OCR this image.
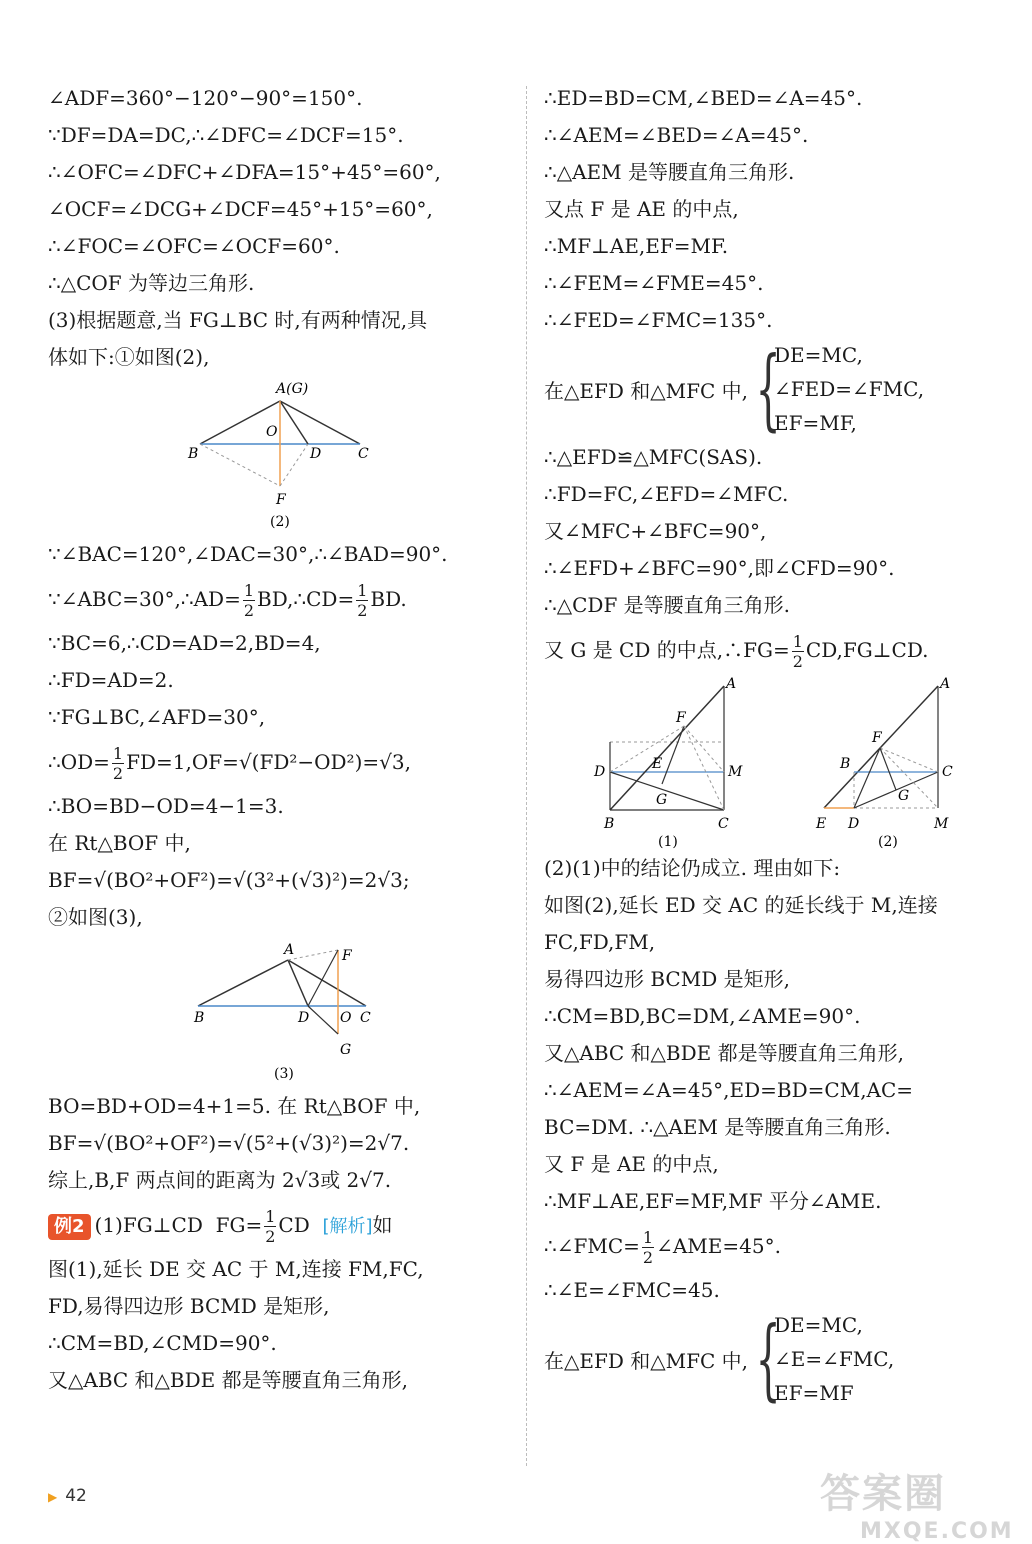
∠ADF=360°−120°−90°=150°.
∵DF=DA=DC,∴∠DFC=∠DCF=15°.
∴∠OFC=∠DFC+∠DFA=15°+45°=60°,
∠OCF=∠DCG+∠DCF=45°+15°=60°,
∴∠FOC=∠OFC=∠OCF=60°.
∴△COF 为等边三角形.
(3)根据题意,当 FG⊥BC 时,有两种情况,具
体如下:①如图(2),
A(G)
O
B	D	C
F
(2)
∵∠BAC=120°,∠DAC=30°,∴∠BAD=90°.
∵∠ABC=30°,∴AD= $\frac{1}{2}$ BD,∴CD= $\frac{1}{2}$ BD.
∵BC=6,∴CD=AD=2,BD=4,
∴FD=AD=2.
∵FG⊥BC,∠AFD=30°,
∴OD= $\frac{1}{2} FD=1,OF=√(FD^2-OD^2)=√3$,
∴BO=BD−OD=4−1=3.
在 Rt△BOF 中,
BF=√(BO²+OF²)=√(3²+(√3)²)=2√3;
②如图(3),
A	F
B	D O C
G
(3)
BO=BD+OD=4+1=5. 在 Rt△BOF 中,
BF=√(BO²+OF²)=√(5²+(√3)²)=2√7.
综上,B,F 两点间的距离为 2√3或 2√7.
例2 (1)FG⊥CD $FG= \frac{1}{2}$ CD [解析]如
图(1),延长 DE 交 AC 于 M,连接 FM,FC,
FD,易得四边形 BCMD 是矩形,
∴CM=BD,∠CMD=90°.
又△ABC 和△BDE 都是等腰直角三角形,
∴ED=BD=CM,∠BED=∠A=45°.
∴∠AEM=∠BED=∠A=45°.
∴△AEM 是等腰直角三角形.
又点 F 是 AE 的中点,
∴MF⊥AE,EF=MF.
∴∠FEM=∠FME=45°.
∴∠FED=∠FMC=135°.
在△EFD 和△MFC 中, {
DE=MC,
∠FED=∠FMC,
EF=MF,
∴△EFD≌△MFC(SAS).
∴FD=FC,∠EFD=∠MFC.
又∠MFC+∠BFC=90°,
∴∠EFD+∠BFC=90°,即∠CFD=90°.
∴△CDF 是等腰直角三角形.
又 G 是 CD 的中点,∴FG= $\frac{1}{2}$ CD,FG⊥CD.
A
F
D	E	M
G
B	C
(1)
A
F
B	C
G
E D	M
(2)
(2)(1)中的结论仍成立. 理由如下:
如图(2),延长 ED 交 AC 的延长线于 M,连接
FC,FD,FM,
易得四边形 BCMD 是矩形,
∴CM=BD,BC=DM,∠AME=90°.
又△ABC 和△BDE 都是等腰直角三角形,
∴∠AEM=∠A=45°,ED=BD=CM,AC=
BC=DM. ∴△AEM 是等腰直角三角形.
又 F 是 AE 的中点,
∴MF⊥AE,EF=MF,MF 平分∠AME.
∴∠FMC= $\frac{1}{2}$ ∠AME=45°.
∴∠E=∠FMC=45.
在△EFD 和△MFC 中, {
DE=MC,
∠E=∠FMC,
EF=MF
▶ 42	答案圈
MXQE.COM
